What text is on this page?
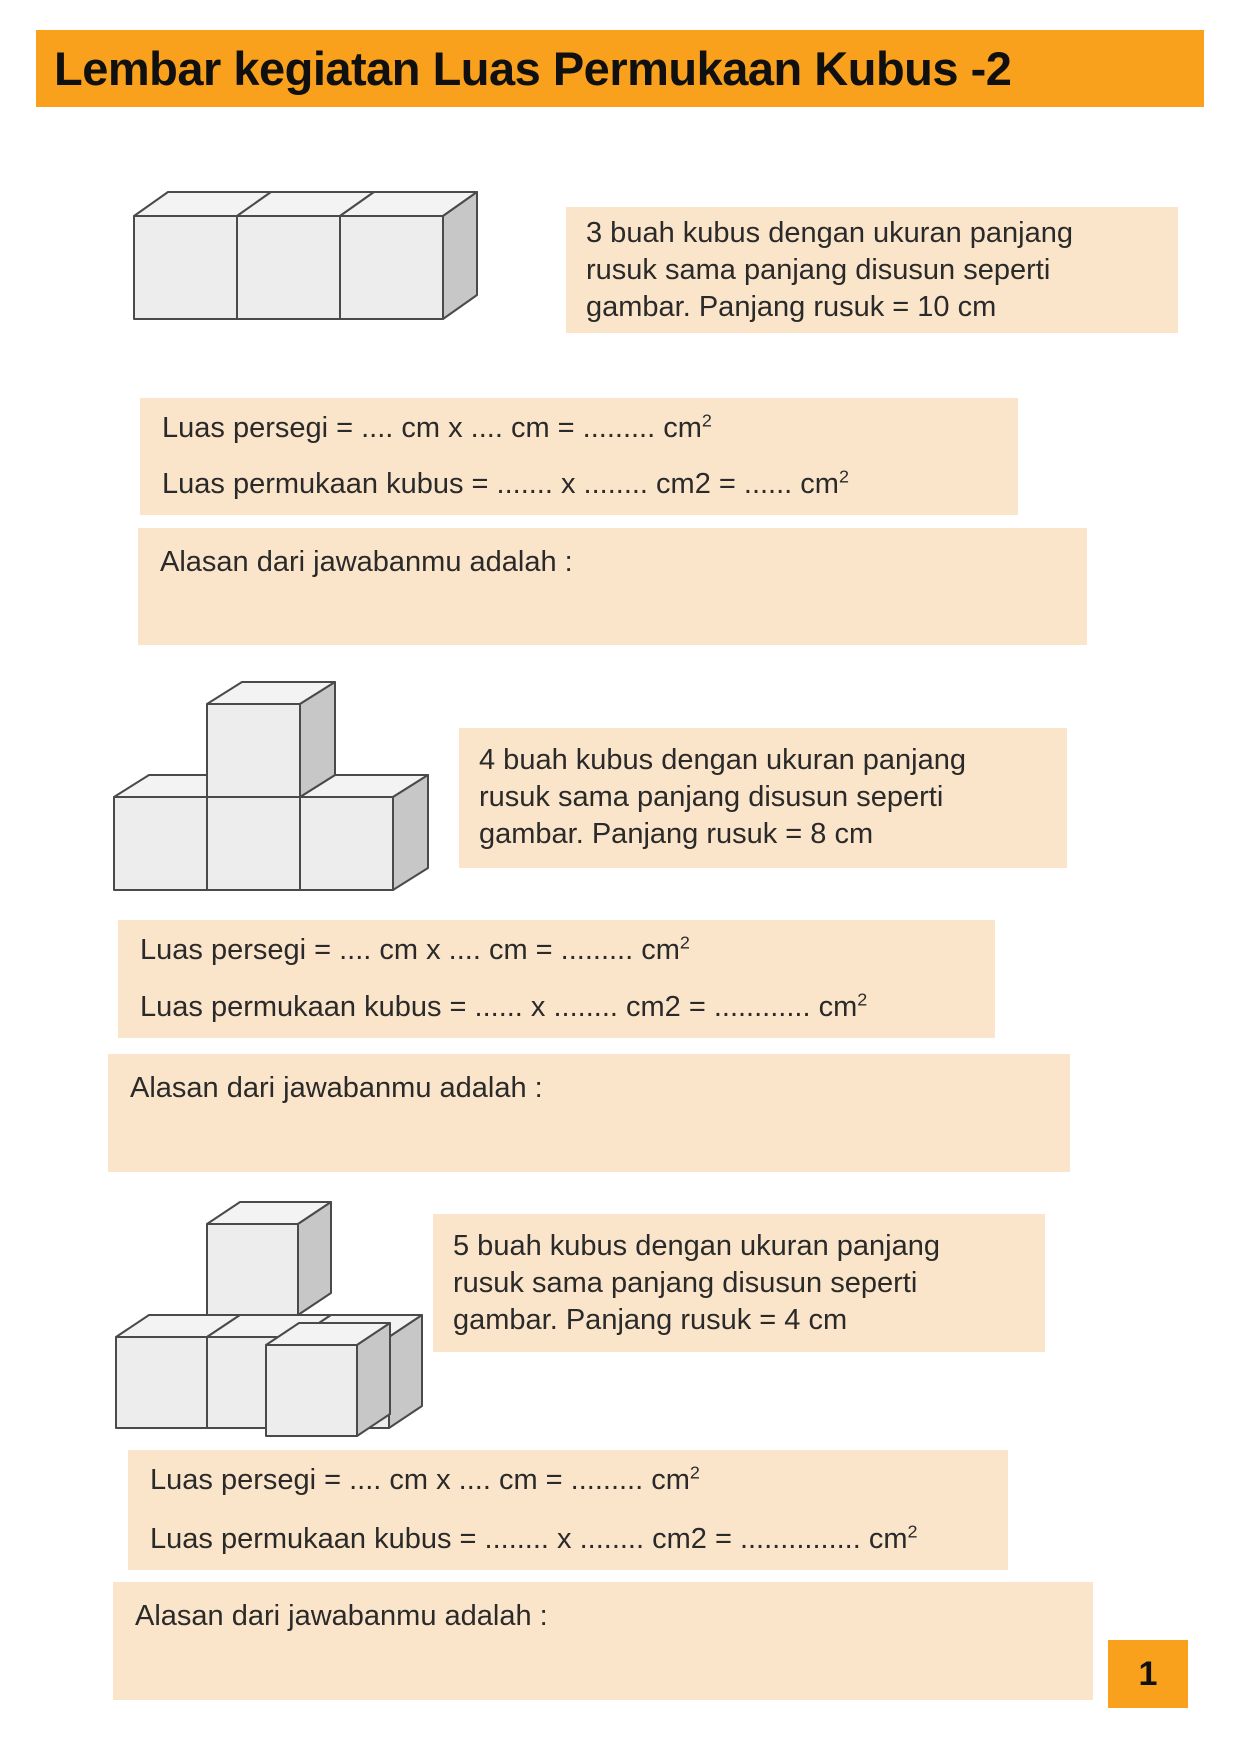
Lembar kegiatan Luas Permukaan Kubus -2
3 buah kubus dengan ukuran panjang
rusuk sama panjang disusun seperti
gambar. Panjang rusuk = 10 cm
Luas persegi = .... cm x .... cm = ......... $cm^2$
Luas permukaan kubus = ....... x ........ cm2 = ...... $cm^2$
Alasan dari jawabanmu adalah :
4 buah kubus dengan ukuran panjang
rusuk sama panjang disusun seperti
gambar. Panjang rusuk = 8 cm
Luas persegi = .... cm x .... cm = ......... $cm^2$
Luas permukaan kubus = ...... x ........ cm2 = ............ $cm^2$
Alasan dari jawabanmu adalah :
5 buah kubus dengan ukuran panjang
rusuk sama panjang disusun seperti
gambar. Panjang rusuk = 4 cm
Luas persegi = .... cm x .... cm = ......... $cm^2$
Luas permukaan kubus = ........ x ........ cm2 = ............... $cm^2$
Alasan dari jawabanmu adalah :
1
